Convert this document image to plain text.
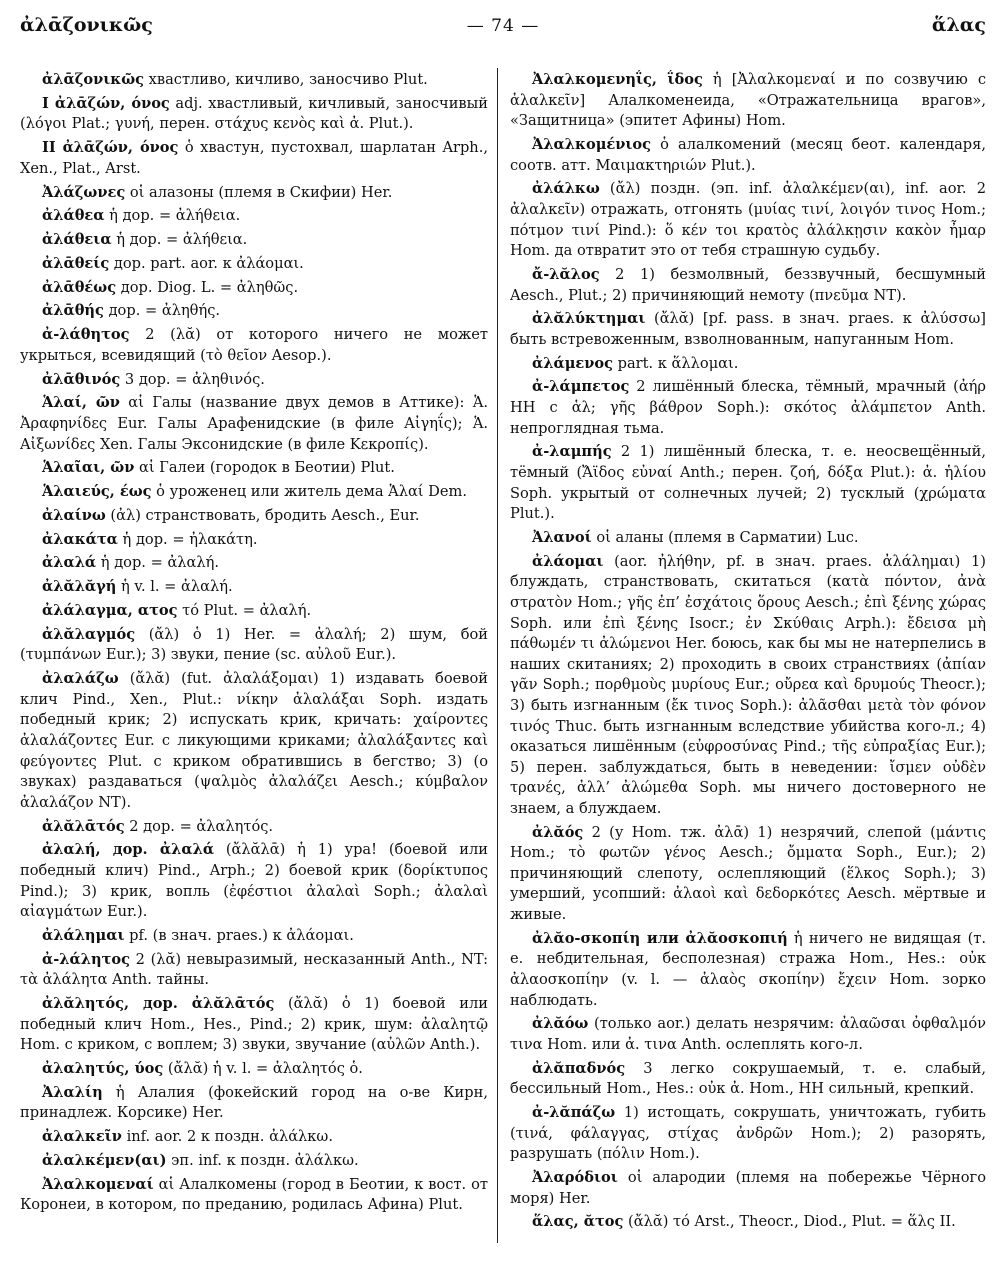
ἀλᾱζονικῶς	— 74 —	ἅλας

ἀλᾱζονικῶς хвастливо, кичливо, заносчиво Plut.

I ἀλᾱζών, όνος adj. хвастливый, кичливый, заносчивый (λόγοι Plat.; γυνή, перен. στάχυς κενὸς καὶ ἀ. Plut.).

II ἀλᾱζών, όνος ὁ хвастун, пустохвал, шарлатан Arph., Xen., Plat., Arst.

Ἀλάζωνες οἱ алазоны (племя в Скифии) Her.

ἀλάθεα ἡ дор. = ἀλήθεια.

ἀλάθεια ἡ дор. = ἀλήθεια.

ἀλᾱθείς дор. part. aor. к ἀλάομαι.

ἀλᾱθέως дор. Diog. L. = ἀληθῶς.

ἀλᾱθής дор. = ἀληθής.

ἀ-λάθητος 2 (λᾰ) от которого ничего не может укрыться, всевидящий (τὸ θεῖον Aesop.).

ἀλᾱθινός 3 дор. = ἀληθινός.

Ἁλαί, ῶν αἱ Галы (название двух демов в Аттике): Ἁ. Ἀραφηνίδες Eur. Галы Арафенидские (в филе Αἰγηΐς); Ἁ. Αἰξωνίδες Xen. Галы Эксонидские (в филе Κεκροπίς).

Ἁλαῖαι, ῶν αἱ Галеи (городок в Беотии) Plut.

Ἁλαιεύς, έως ὁ уроженец или житель дема Ἁλαί Dem.

ἀλαίνω (ἀλ) странствовать, бродить Aesch., Eur.

ἀλακάτα ἡ дор. = ἠλακάτη.

ἀλαλά ἡ дор. = ἀλαλή.

ἀλᾰλᾰγή ἡ v. l. = ἀλαλή.

ἀλάλαγμα, ατος τό Plut. = ἀλαλή.

ἀλᾰλαγμός (ἄλ) ὁ 1) Her. = ἀλαλή; 2) шум, бой (τυμπάνων Eur.); 3) звуки, пение (sc. αὐλοῦ Eur.).

ἀλαλάζω (ἄλᾰ) (fut. ἀλαλάξομαι) 1) издавать боевой клич Pind., Xen., Plut.: νίκην ἀλαλάξαι Soph. издать победный крик; 2) испускать крик, кричать: χαίροντες ἀλαλάζοντες Eur. с ликующими криками; ἀλαλάξαντες καὶ φεύγοντες Plut. с криком обратившись в бегство; 3) (о звуках) раздаваться (ψαλμὸς ἀλαλάζει Aesch.; κύμβαλον ἀλαλάζον NT).

ἀλᾰλᾱτός 2 дор. = ἀλαλητός.

ἀλαλή, дор. ἀλαλά (ἄλᾰλᾱ) ἡ 1) ура! (боевой или победный клич) Pind., Arph.; 2) боевой крик (δορίκτυπος Pind.); 3) крик, вопль (ἐφέστιοι ἀλαλαὶ Soph.; ἀλαλαὶ αἰαγμάτων Eur.).

ἀλάλημαι pf. (в знач. praes.) к ἀλάομαι.

ἀ-λάλητος 2 (λᾰ) невыразимый, несказанный Anth., NT: τὰ ἀλάλητα Anth. тайны.

ἀλᾰλητός, дор. ἀλᾰλᾱτός (ἄλᾰ) ὁ 1) боевой или победный клич Hom., Hes., Pind.; 2) крик, шум: ἀλαλητῷ Hom. с криком, с воплем; 3) звуки, звучание (αὐλῶν Anth.).

ἀλαλητύς, ύος (ἄλᾰ) ἡ v. l. = ἀλαλητός ὁ.

Ἀλαλίη ἡ Алалия (фокейский город на о-ве Кирн, принадлеж. Корсике) Her.

ἀλαλκεῖν inf. aor. 2 к поздн. ἀλάλκω.

ἀλαλκέμεν(αι) эп. inf. к поздн. ἀλάλκω.

Ἀλαλκομεναί αἱ Алалкомены (город в Беотии, к вост. от Коронеи, в котором, по преданию, родилась Афина) Plut.

Ἀλαλκομενηΐς, ΐδος ἡ [Ἀλαλκομεναί и по созвучию с ἀλαλκεῖν] Алалкоменеида, «Отражательница врагов», «Защитница» (эпитет Афины) Hom.

Ἀλαλκομένιος ὁ алалкомений (месяц беот. календаря, соотв. атт. Μαιμακτηριών Plut.).

ἀλάλκω (ἄλ) поздн. (эп. inf. ἀλαλκέμεν(αι), inf. aor. 2 ἀλαλκεῖν) отражать, отгонять (μυίας τινί, λοιγόν τινος Hom.; πότμον τινί Pind.): ὅ κέν τοι κρατὸς ἀλάλκῃσιν κακὸν ἦμαρ Hom. да отвратит это от тебя страшную судьбу.

ἄ-λᾰλος 2 1) безмолвный, беззвучный, бесшумный Aesch., Plut.; 2) причиняющий немоту (πνεῦμα NT).

ἀλᾰλύκτημαι (ἄλᾰ) [pf. pass. в знач. praes. к ἀλύσσω] быть встревоженным, взволнованным, напуганным Hom.

ἀλάμενος part. к ἅλλομαι.

ἀ-λάμπετος 2 лишённый блеска, тёмный, мрачный (ἀήρ HH с ἁλ; γῆς βάθρον Soph.): σκότος ἀλάμπετον Anth. непроглядная тьма.

ἀ-λαμπής 2 1) лишённый блеска, т. е. неосвещённый, тёмный (Ἄϊδος εὐναί Anth.; перен. ζοή, δόξα Plut.): ἀ. ἡλίου Soph. укрытый от солнечных лучей; 2) тусклый (χρώματα Plut.).

Ἀλανοί οἱ аланы (племя в Сарматии) Luc.

ἀλάομαι (aor. ἠλήθην, pf. в знач. praes. ἀλάλημαι) 1) блуждать, странствовать, скитаться (κατὰ πόντον, ἀνὰ στρατὸν Hom.; γῆς ἐπ’ ἐσχάτοις ὅρους Aesch.; ἐπὶ ξένης χώρας Soph. или ἐπὶ ξένης Isocr.; ἐν Σκύθαις Arph.): ἔδεισα μὴ πάθωμέν τι ἀλώμενοι Her. боюсь, как бы мы не натерпелись в наших скитаниях; 2) проходить в своих странствиях (ἀπίαν γᾶν Soph.; πορθμοὺς μυρίους Eur.; οὔρεα καὶ δρυμούς Theocr.); 3) быть изгнанным (ἔκ τινος Soph.): ἀλᾶσθαι μετὰ τὸν φόνον τινός Thuc. быть изгнанным вследствие убийства кого-л.; 4) оказаться лишённым (εὐφροσύνας Pind.; τῆς εὐπραξίας Eur.); 5) перен. заблуждаться, быть в неведении: ἴσμεν οὐδὲν τρανές, ἀλλ’ ἀλώμεθα Soph. мы ничего достоверного не знаем, а блуждаем.

ἀλᾰός 2 (у Hom. тж. ἀλᾱ) 1) незрячий, слепой (μάντις Hom.; τὸ φωτῶν γένος Aesch.; ὄμματα Soph., Eur.); 2) причиняющий слепоту, ослепляющий (ἕλκος Soph.); 3) умерший, усопший: ἀλαοὶ καὶ δεδορκότες Aesch. мёртвые и живые.

ἀλᾰο-σκοπίη или ἀλᾰοσκοπιή ἡ ничего не видящая (т. е. небдительная, бесполезная) стража Hom., Hes.: οὐκ ἀλαοσκοπίην (v. l. — ἀλαὸς σκοπίην) ἔχειν Hom. зорко наблюдать.

ἀλᾰόω (только aor.) делать незрячим: ἀλαῶσαι ὀφθαλμόν τινα Hom. или ἀ. τινα Anth. ослеплять кого-л.

ἀλᾰπαδνός 3 легко сокрушаемый, т. е. слабый, бессильный Hom., Hes.: οὐκ ἀ. Hom., HH сильный, крепкий.

ἀ-λᾰπάζω 1) истощать, сокрушать, уничтожать, губить (τινά, φάλαγγας, στίχας ἀνδρῶν Hom.); 2) разорять, разрушать (πόλιν Hom.).

Ἀλαρόδιοι οἱ алародии (племя на побережье Чёрного моря) Her.

ἅλας, ᾰτος (ἄλᾰ) τό Arst., Theocr., Diod., Plut. = ἅλς II.
